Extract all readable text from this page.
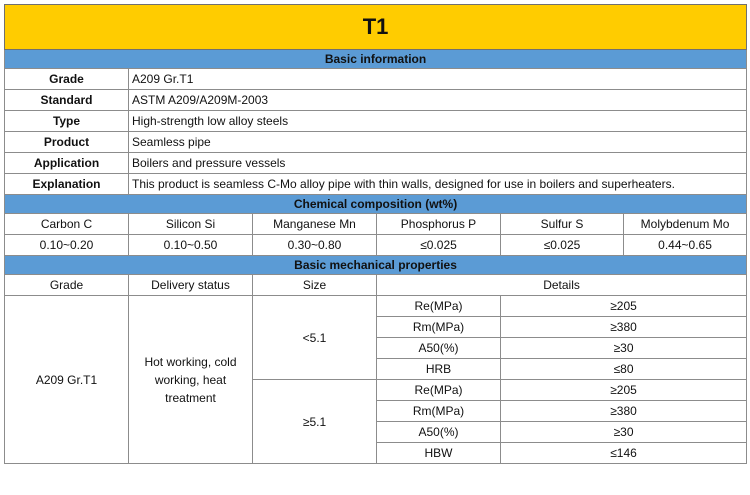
T1					
Basic information					
Grade	A209 Gr.T1				
Standard	ASTM A209/A209M-2003				
Type	High-strength low alloy steels				
Product	Seamless pipe				
Application	Boilers and pressure vessels				
Explanation	This product is seamless C-Mo alloy pipe with thin walls, designed for use in boilers and superheaters.				
Chemical composition (wt%)					
Carbon C	Silicon Si	Manganese Mn	Phosphorus P	Sulfur S	Molybdenum Mo
0.10~0.20	0.10~0.50	0.30~0.80	≤0.025	≤0.025	0.44~0.65
Basic mechanical properties					
Grade	Delivery status	Size	Details		
A209 Gr.T1	Hot working, cold working, heat treatment	<5.1	Re(MPa)	≥205	
			Rm(MPa)	≥380	
			A50(%)	≥30	
			HRB	≤80	
		≥5.1	Re(MPa)	≥205	
			Rm(MPa)	≥380	
			A50(%)	≥30	
			HBW	≤146	
